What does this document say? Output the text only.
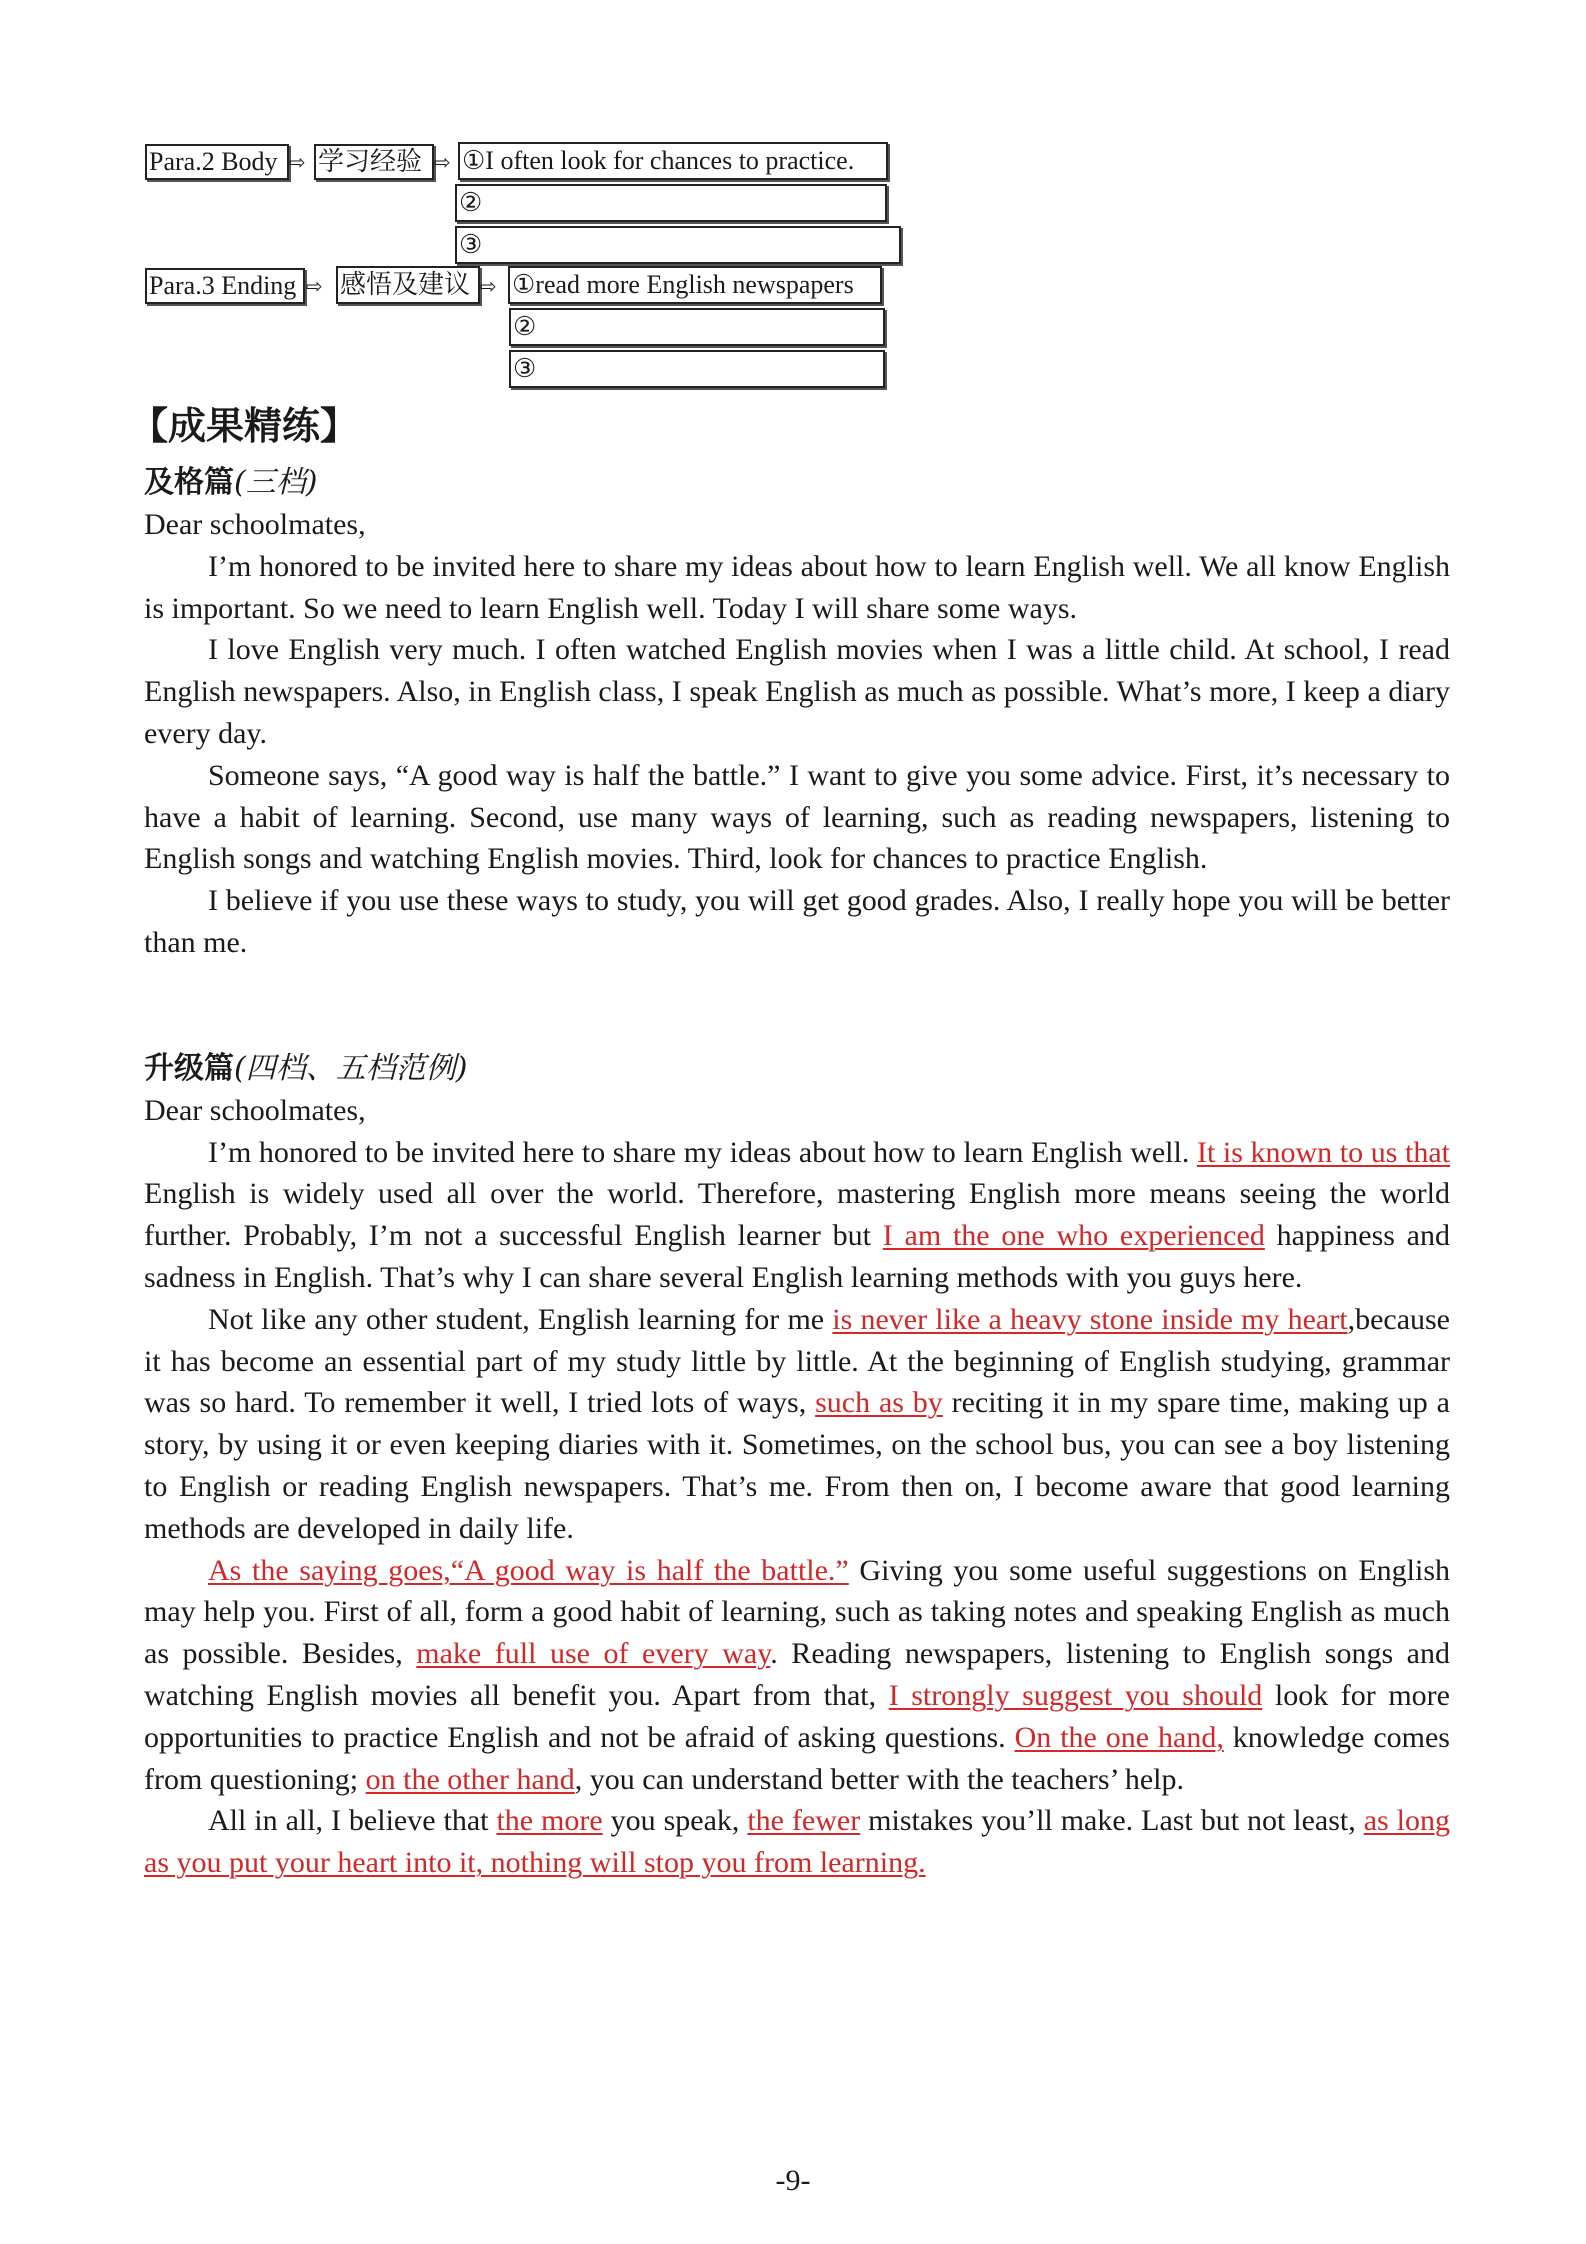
Para.2 Body ⇨ 学习经验 ⇨ ①I often look for chances to practice.
②
③
Para.3 Ending ⇨ 感悟及建议 ⇨ ①read more English newspapers
②
③
【成果精练】
及格篇(三档)

Dear schoolmates,

I’m honored to be invited here to share my ideas about how to learn English well. We all know English is important. So we need to learn English well. Today I will share some ways.

I love English very much. I often watched English movies when I was a little child. At school, I read English newspapers. Also, in English class, I speak English as much as possible. What’s more, I keep a diary every day.

Someone says, “A good way is half the battle.” I want to give you some advice. First, it’s necessary to have a habit of learning. Second, use many ways of learning, such as reading newspapers, listening to English songs and watching English movies. Third, look for chances to practice English.

I believe if you use these ways to study, you will get good grades. Also, I really hope you will be better than me.

升级篇(四档、五档范例)

Dear schoolmates,

I’m honored to be invited here to share my ideas about how to learn English well. It is known to us that English is widely used all over the world. Therefore, mastering English more means seeing the world further. Probably, I’m not a successful English learner but I am the one who experienced happiness and sadness in English. That’s why I can share several English learning methods with you guys here.

Not like any other student, English learning for me is never like a heavy stone inside my heart,because it has become an essential part of my study little by little. At the beginning of English studying, grammar was so hard. To remember it well, I tried lots of ways, such as by reciting it in my spare time, making up a story, by using it or even keeping diaries with it. Sometimes, on the school bus, you can see a boy listening to English or reading English newspapers. That’s me. From then on, I become aware that good learning methods are developed in daily life.

As the saying goes,“A good way is half the battle.” Giving you some useful suggestions on English may help you. First of all, form a good habit of learning, such as taking notes and speaking English as much as possible. Besides, make full use of every way. Reading newspapers, listening to English songs and watching English movies all benefit you. Apart from that, I strongly suggest you should look for more opportunities to practice English and not be afraid of asking questions. On the one hand, knowledge comes from questioning; on the other hand, you can understand better with the teachers’ help.

All in all, I believe that the more you speak, the fewer mistakes you’ll make. Last but not least, as long as you put your heart into it, nothing will stop you from learning.

-9-
